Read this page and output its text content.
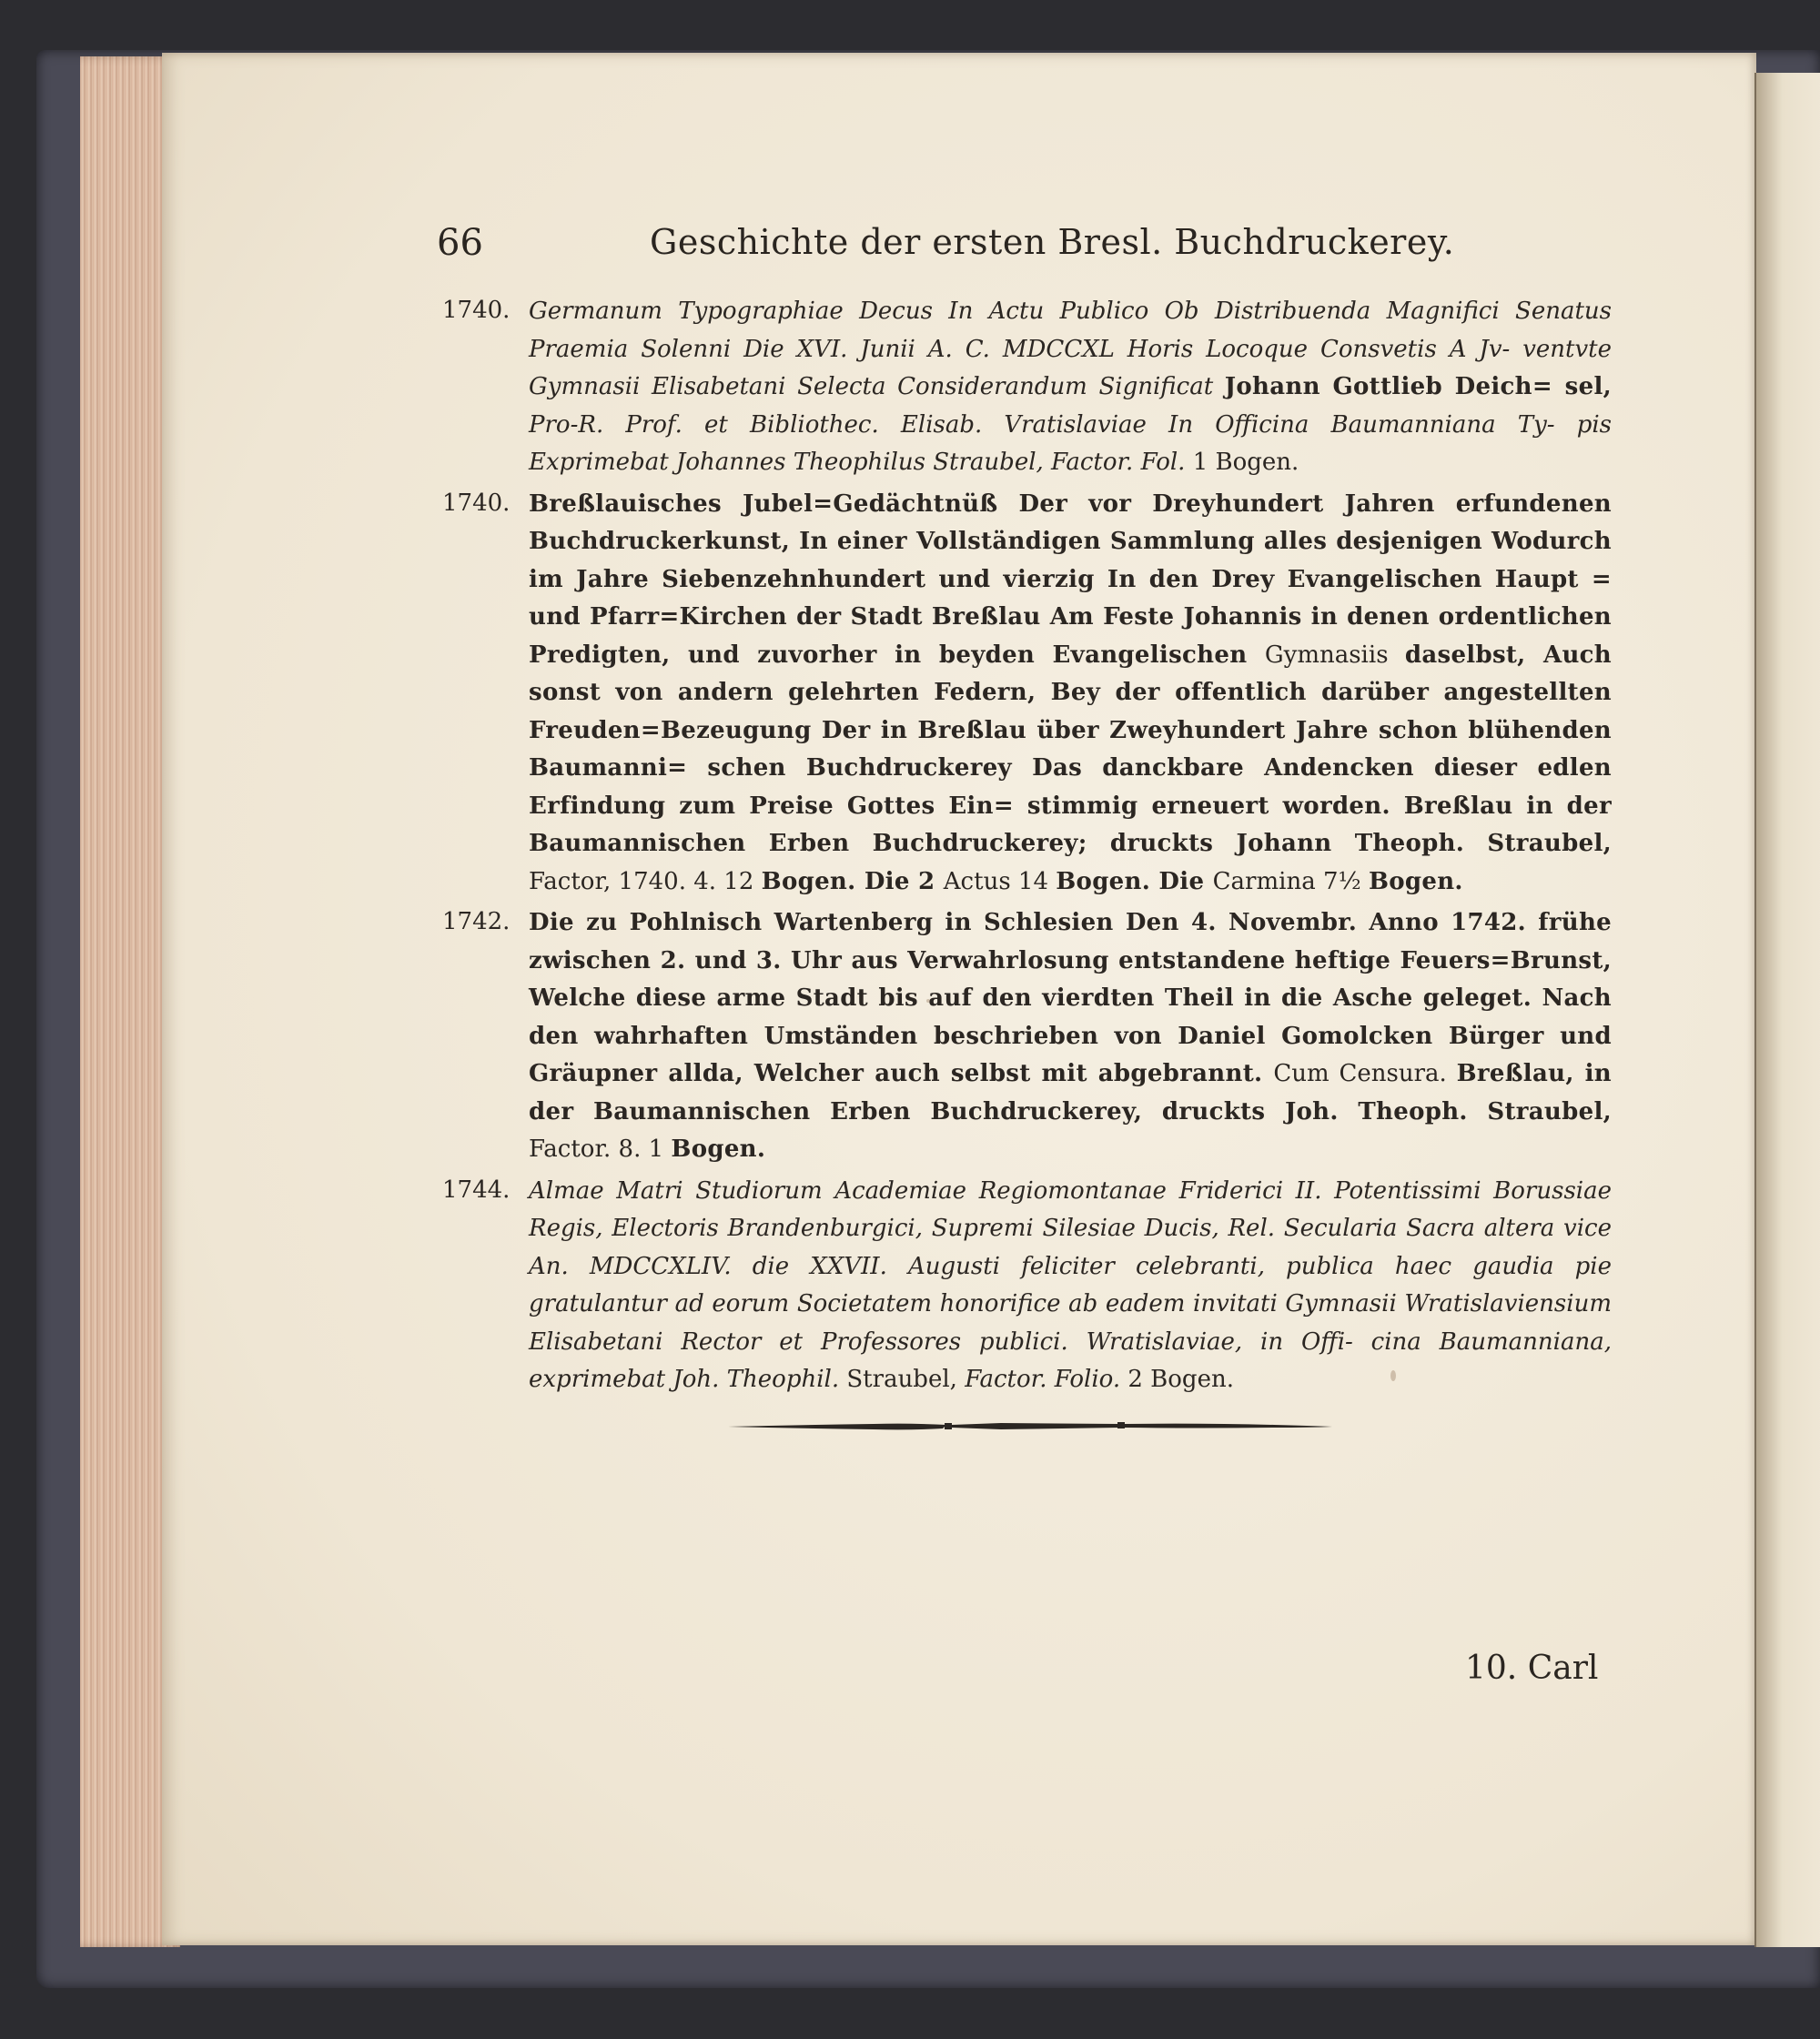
66	Geschichte der ersten Bresl. Buchdruckerey.
1740. Germanum Typographiae Decus In Actu Publico Ob Distribuenda Magnifici Senatus Praemia Solenni Die XVI. Junii A. C. MDCCXL Horis Locoque Consvetis A Jv- ventvte Gymnasii Elisabetani Selecta Considerandum Significat Johann Gottlieb Deich= sel, Pro-R. Prof. et Bibliothec. Elisab. Vratislaviae In Officina Baumanniana Ty- pis Exprimebat Johannes Theophilus Straubel, Factor. Fol. 1 Bogen.
1740. Breßlauisches Jubel=Gedächtnüß Der vor Dreyhundert Jahren erfundenen Buchdruckerkunst, In einer Vollständigen Sammlung alles desjenigen Wodurch im Jahre Siebenzehnhundert und vierzig In den Drey Evangelischen Haupt = und Pfarr=Kirchen der Stadt Breßlau Am Feste Johannis in denen ordentlichen Predigten, und zuvorher in beyden Evangelischen Gymnasiis daselbst, Auch sonst von andern gelehrten Federn, Bey der offentlich darüber angestellten Freuden=Bezeugung Der in Breßlau über Zweyhundert Jahre schon blühenden Baumanni= schen Buchdruckerey Das danckbare Andencken dieser edlen Erfindung zum Preise Gottes Ein= stimmig erneuert worden. Breßlau in der Baumannischen Erben Buchdruckerey; druckts Johann Theoph. Straubel, Factor, 1740. 4. 12 Bogen. Die 2 Actus 14 Bogen. Die Carmina 7½ Bogen.
1742. Die zu Pohlnisch Wartenberg in Schlesien Den 4. Novembr. Anno 1742. frühe zwischen 2. und 3. Uhr aus Verwahrlosung entstandene heftige Feuers=Brunst, Welche diese arme Stadt bis auf den vierdten Theil in die Asche geleget. Nach den wahrhaften Umständen beschrieben von Daniel Gomolcken Bürger und Gräupner allda, Welcher auch selbst mit abgebrannt. Cum Censura. Breßlau, in der Baumannischen Erben Buchdruckerey, druckts Joh. Theoph. Straubel, Factor. 8. 1 Bogen.
1744. Almae Matri Studiorum Academiae Regiomontanae Friderici II. Potentissimi Borussiae Regis, Electoris Brandenburgici, Supremi Silesiae Ducis, Rel. Secularia Sacra altera vice An. MDCCXLIV. die XXVII. Augusti feliciter celebranti, publica haec gaudia pie gratulantur ad eorum Societatem honorifice ab eadem invitati Gymnasii Wratislaviensium Elisabetani Rector et Professores publici. Wratislaviae, in Offi- cina Baumanniana, exprimebat Joh. Theophil. Straubel, Factor. Folio. 2 Bogen.
10. Carl
